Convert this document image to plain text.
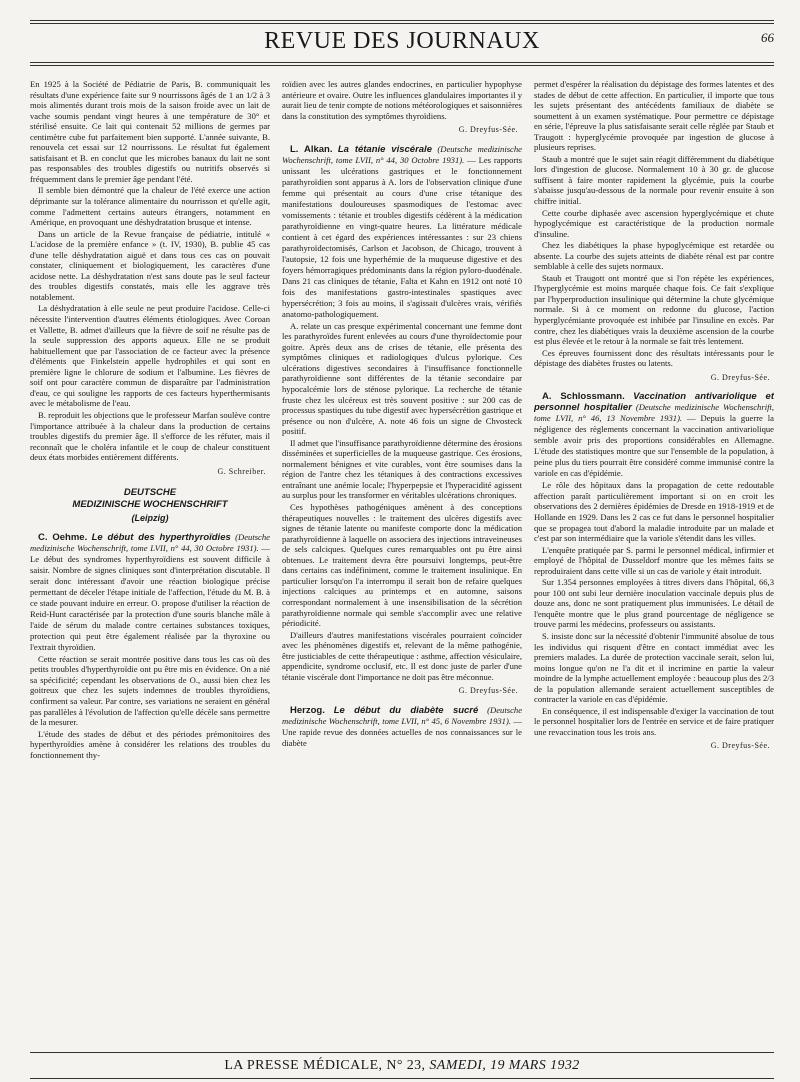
REVUE DES JOURNAUX	66

En 1925 à la Société de Pédiatrie de Paris, B. communiquait les résultats d'une expérience faite sur 9 nourrissons âgés de 1 an 1/2 à 3 mois alimentés durant trois mois de la saison froide avec un lait de vache soumis pendant vingt heures à une température de 30° et stérilisé ensuite. Ce lait qui contenait 52 millions de germes par centimètre cube fut parfaitement bien supporté. L'année suivante, B. renouvela cet essai sur 12 nourrissons. Le résultat fut également satisfaisant et B. en conclut que les microbes banaux du lait ne sont pas responsables des troubles digestifs ou nutritifs observés si fréquemment dans le premier âge pendant l'été.

Il semble bien démontré que la chaleur de l'été exerce une action déprimante sur la tolérance alimentaire du nourrisson et qu'elle agit, comme l'admettent certains auteurs étrangers, notamment en Amérique, en provoquant une déshydratation brusque et intense.

Dans un article de la Revue française de pédiatrie, intitulé « L'acidose de la première enfance » (t. IV, 1930), B. publie 45 cas d'une telle déshydratation aiguë et dans tous ces cas on pouvait constater, cliniquement et biologiquement, les caractères d'une acidose nette. La déshydratation n'est sans doute pas le seul facteur des troubles digestifs constatés, mais elle les aggrave très notablement.

La déshydratation à elle seule ne peut produire l'acidose. Celle-ci nécessite l'intervention d'autres éléments étiologiques. Avec Coroan et Vallette, B. admet d'ailleurs que la fièvre de soif ne résulte pas de la seule suppression des apports aqueux. Elle ne se produit habituellement que par l'association de ce facteur avec la présence d'éléments que Finkelstein appelle hydrophiles et qui sont en première ligne le chlorure de sodium et l'albumine. Les fièvres de soif ont pour caractère commun de disparaître par l'administration d'eau, ce qui souligne les rapports de ces facteurs hyperthermisants avec le métabolisme de l'eau.

B. reproduit les objections que le professeur Marfan soulève contre l'importance attribuée à la chaleur dans la production de certains troubles digestifs du premier âge. Il s'efforce de les réfuter, mais il reconnaît que le choléra infantile et le coup de chaleur constituent deux états morbides entièrement différents.

G. Schreiber.
DEUTSCHE
MEDIZINISCHE WOCHENSCHRIFT
(Leipzig)

C. Oehme. Le début des hyperthyroïdies (Deutsche medizinische Wochenschrift, tome LVII, n° 44, 30 Octobre 1931). — Le début des syndromes hyperthyroïdiens est souvent difficile à saisir. Nombre de signes cliniques sont d'interprétation discutable. Il serait donc intéressant d'avoir une réaction biologique précise permettant de déceler l'étape initiale de l'affection, l'étude du M. B. à ce stade pouvant induire en erreur. O. propose d'utiliser la réaction de Reid-Hunt caractérisée par la protection d'une souris blanche mâle à l'aide de sérum du malade contre certaines substances toxiques, protection qui peut être également réalisée par la thyroxine ou l'extrait thyroïdien.

Cette réaction se serait montrée positive dans tous les cas où des petits troubles d'hyperthyroïdie ont pu être mis en évidence. On a nié sa spécificité; cependant les observations de O., aussi bien chez les goitreux que chez les sujets indemnes de troubles thyroïdiens, confirment sa valeur. Par contre, ses variations ne seraient en général pas parallèles à l'évolution de l'affection qu'elle décèle sans permettre de la mesurer.

L'étude des stades de début et des périodes prémonitoires des hyperthyroïdies amène à considérer les relations des troubles du fonctionnement thy-

roïdien avec les autres glandes endocrines, en particulier hypophyse antérieure et ovaire. Outre les influences glandulaires importantes il y aurait lieu de tenir compte de notions météorologiques et saisonnières dans la constitution des symptômes thyroïdiens.

G. Dreyfus-Sée.

L. Alkan. La tétanie viscérale (Deutsche medizinische Wochenschrift, tome LVII, n° 44, 30 Octobre 1931). — Les rapports unissant les ulcérations gastriques et le fonctionnement parathyroïdien sont apparus à A. lors de l'observation clinique d'une femme qui présentait au cours d'une crise tétanique des manifestations douloureuses spasmodiques de l'estomac avec vomissements : tétanie et troubles digestifs cédèrent à la médication parathyroïdienne en vingt-quatre heures. La littérature médicale contient à cet égard des expériences intéressantes : sur 23 chiens parathyroïdectomisés, Carlson et Jacobson, de Chicago, trouvent à l'autopsie, 12 fois une hyperhémie de la muqueuse digestive et des foyers hémorragiques prédominants dans la région pyloro-duodénale. Dans 21 cas cliniques de tétanie, Falta et Kahn en 1912 ont noté 10 fois des manifestations gastro-intestinales spastiques avec hypersécrétion; 3 fois au moins, il s'agissait d'ulcères vrais, vérifiés anatomo-pathologiquement.

A. relate un cas presque expérimental concernant une femme dont les parathyroïdes furent enlevées au cours d'une thyroïdectomie pour goitre. Après deux ans de crises de tétanie, elle présenta des symptômes cliniques et radiologiques d'ulcus pylorique. Ces ulcérations digestives secondaires à l'insuffisance fonctionnelle parathyroïdienne sont différentes de la tétanie secondaire par hypocalcémie lors de sténose pylorique. La recherche de tétanie fruste chez les ulcéreux est très souvent positive : sur 200 cas de processus spastiques du tube digestif avec hypersécrétion gastrique et présence ou non d'ulcère, A. note 46 fois un signe de Chvosteck positif.

Il admet que l'insuffisance parathyroïdienne détermine des érosions disséminées et superficielles de la muqueuse gastrique. Ces érosions, normalement bénignes et vite curables, vont être soumises dans la région de l'antre chez les tétaniques à des contractions excessives entraînant une anémie locale; l'hyperpepsie et l'hyperacidité agissent au surplus pour les transformer en véritables ulcérations chroniques.

Ces hypothèses pathogéniques amènent à des conceptions thérapeutiques nouvelles : le traitement des ulcères digestifs avec signes de tétanie latente ou manifeste comporte donc la médication parathyroïdienne à laquelle on associera des injections intraveineuses de sels calciques. Quelques cures remarquables ont pu être ainsi obtenues. Le traitement devra être poursuivi longtemps, peut-être dans certains cas indéfiniment, comme le traitement insulinique. En particulier lorsqu'on l'a interrompu il serait bon de refaire quelques injections calciques au printemps et en automne, saisons correspondant normalement à une insensibilisation de la sécrétion parathyroïdienne normale qui semble s'accomplir avec une relative périodicité.

D'ailleurs d'autres manifestations viscérales pourraient coïncider avec les phénomènes digestifs et, relevant de la même pathogénie, être justiciables de cette thérapeutique : asthme, affection vésiculaire, appendicite, syndrome occlusif, etc. Il est donc juste de parler d'une tétanie viscérale dont l'importance ne doit pas être méconnue.

G. Dreyfus-Sée.

Herzog. Le début du diabète sucré (Deutsche medizinische Wochenschrift, tome LVII, n° 45, 6 Novembre 1931). — Une rapide revue des données actuelles de nos connaissances sur le diabète

permet d'espérer la réalisation du dépistage des formes latentes et des stades de début de cette affection. En particulier, il importe que tous les sujets présentant des antécédents familiaux de diabète se soumettent à un examen systématique. Pour permettre ce dépistage en série, l'épreuve la plus satisfaisante serait celle réglée par Staub et Traugott : hyperglycémie provoquée par ingestion de glucose à plusieurs reprises.

Staub a montré que le sujet sain réagit différemment du diabétique lors d'ingestion de glucose. Normalement 10 à 30 gr. de glucose suffisent à faire monter rapidement la glycémie, puis la courbe s'abaisse jusqu'au-dessous de la normale pour revenir ensuite à son chiffre initial.

Cette courbe diphasée avec ascension hyperglycémique et chute hypoglycémique est caractéristique de la production normale d'insuline.

Chez les diabétiques la phase hypoglycémique est retardée ou absente. La courbe des sujets atteints de diabète rénal est par contre semblable à celle des sujets normaux.

Staub et Traugott ont montré que si l'on répète les expériences, l'hyperglycémie est moins marquée chaque fois. Ce fait s'explique par l'hyperproduction insulinique qui détermine la chute glycémique normale. Si à ce moment on redonne du glucose, l'action hyperglycémiante provoquée est inhibée par l'insuline en excès. Par contre, chez les diabétiques vrais la deuxième ascension de la courbe est plus élevée et le retour à la normale se fait très lentement.

Ces épreuves fournissent donc des résultats intéressants pour le dépistage des diabètes frustes ou latents.

G. Dreyfus-Sée.

A. Schlossmann. Vaccination antivariolique et personnel hospitalier (Deutsche medizinische Wochenschrift, tome LVII, n° 46, 13 Novembre 1931). — Depuis la guerre la négligence des règlements concernant la vaccination antivariolique semble avoir pris des proportions considérables en Allemagne. L'étude des statistiques montre que sur l'ensemble de la population, à peine plus du tiers pourrait être considéré comme immunisé contre la variole en cas d'épidémie.

Le rôle des hôpitaux dans la propagation de cette redoutable affection paraît particulièrement important si on en croit les observations des 2 dernières épidémies de Dresde en 1918-1919 et de Hollande en 1929. Dans les 2 cas ce fut dans le personnel hospitalier que se propagea tout d'abord la maladie introduite par un malade et c'est par son intermédiaire que la variole s'étendit dans les villes.

L'enquête pratiquée par S. parmi le personnel médical, infirmier et employé de l'hôpital de Dusseldorf montre que les mêmes faits se reproduiraient dans cette ville si un cas de variole y était introduit.

Sur 1.354 personnes employées à titres divers dans l'hôpital, 66,3 pour 100 ont subi leur dernière inoculation vaccinale depuis plus de douze ans, donc ne sont pratiquement plus immunisées. Le détail de l'enquête montre que le plus grand pourcentage de négligence se trouve parmi les médecins, professeurs ou assistants.

S. insiste donc sur la nécessité d'obtenir l'immunité absolue de tous les individus qui risquent d'être en contact immédiat avec les premiers malades. La durée de protection vaccinale serait, selon lui, moins longue qu'on ne l'a dit et il incrimine en partie la valeur moindre de la lymphe actuellement employée : beaucoup plus des 2/3 de la population allemande seraient actuellement susceptibles de contracter la variole en cas d'épidémie.

En conséquence, il est indispensable d'exiger la vaccination de tout le personnel hospitalier lors de l'entrée en service et de faire pratiquer une revaccination tous les trois ans.

G. Dreyfus-Sée.
LA PRESSE MÉDICALE, N° 23, SAMEDI, 19 MARS 1932
